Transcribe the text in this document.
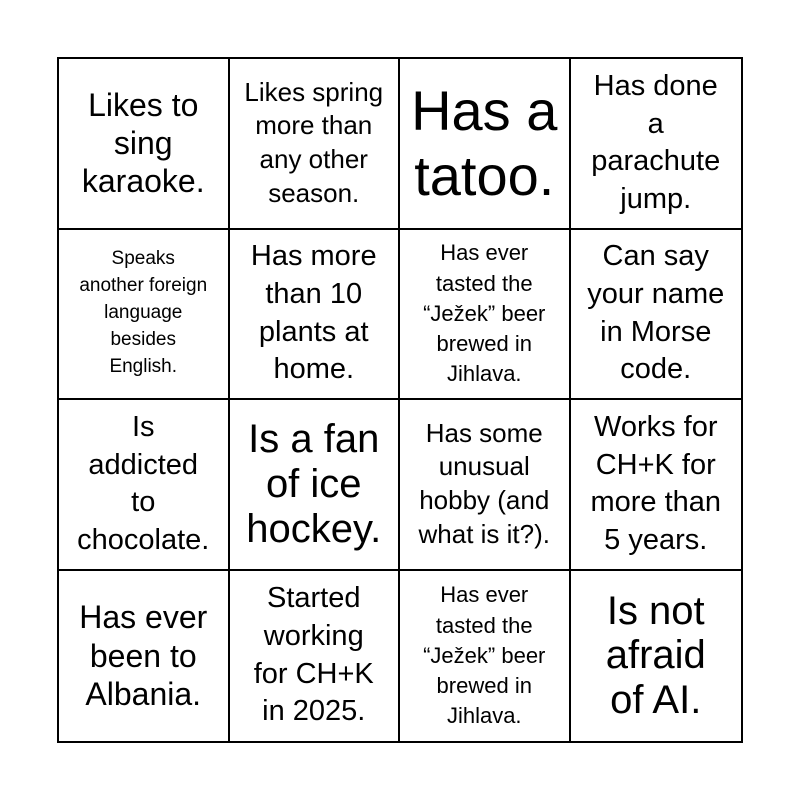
Likes to
sing
karaoke.
Likes spring
more than
any other
season.
Has a
tatoo.
Has done
a
parachute
jump.
Speaks
another foreign
language
besides
English.
Has more
than 10
plants at
home.
Has ever
tasted the
“Ježek” beer
brewed in
Jihlava.
Can say
your name
in Morse
code.
Is
addicted
to
chocolate.
Is a fan
of ice
hockey.
Has some
unusual
hobby (and
what is it?).
Works for
CH+K for
more than
5 years.
Has ever
been to
Albania.
Started
working
for CH+K
in 2025.
Has ever
tasted the
“Ježek” beer
brewed in
Jihlava.
Is not
afraid
of AI.
